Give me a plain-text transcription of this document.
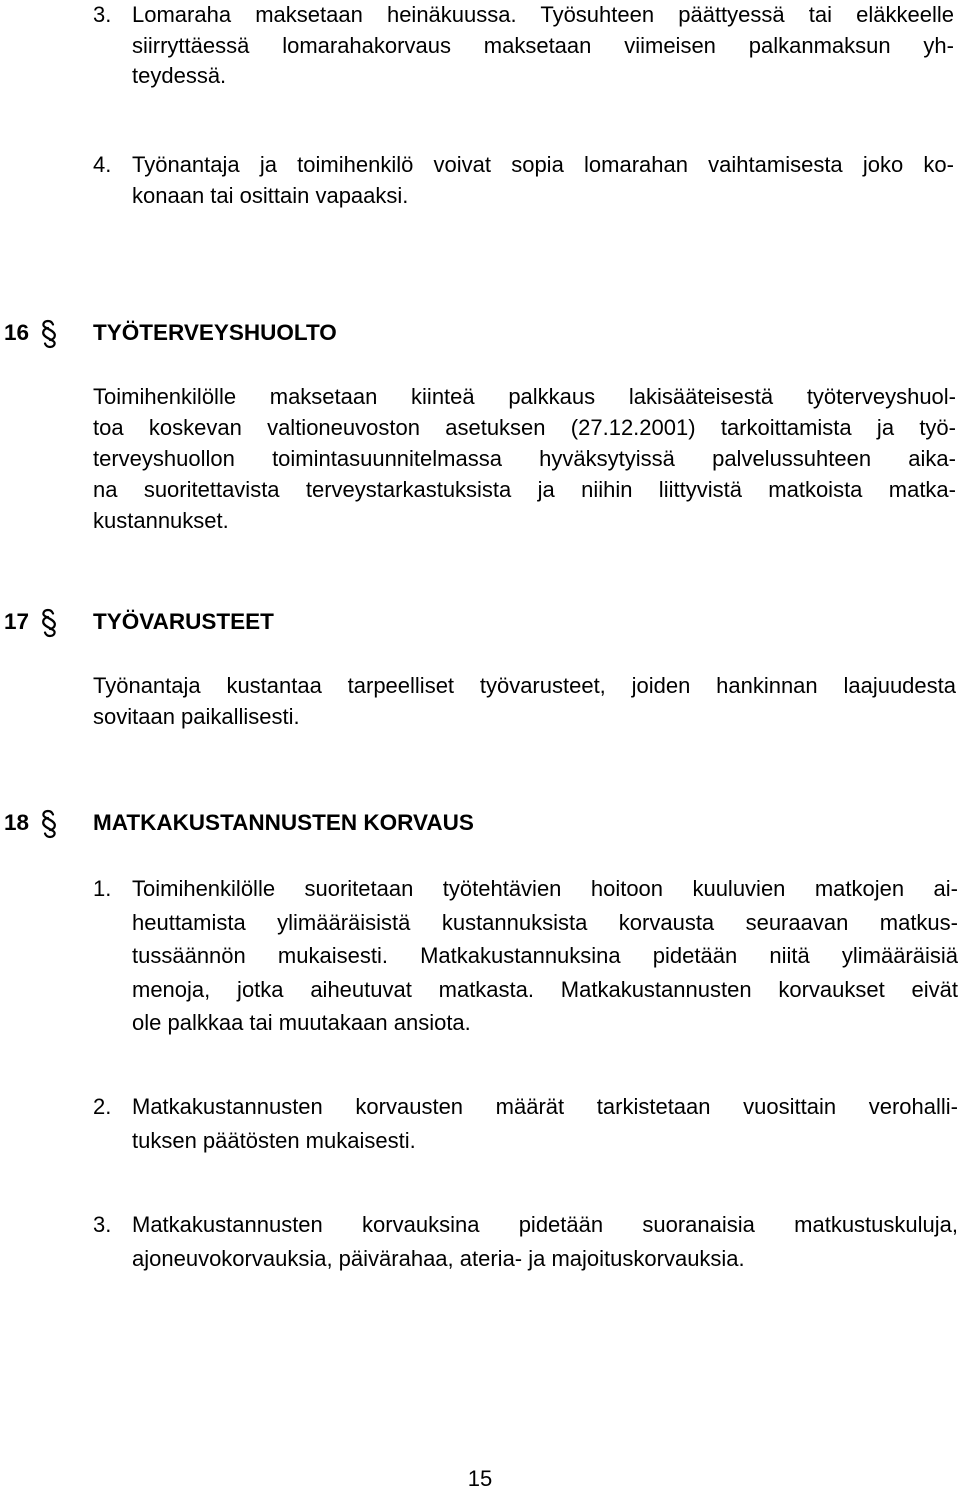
3. Lomaraha maksetaan heinäkuussa. Työsuhteen päättyessä tai eläkkeelle
siirryttäessä lomarahakorvaus maksetaan viimeisen palkanmaksun yh-
teydessä.
4. Työnantaja ja toimihenkilö voivat sopia lomarahan vaihtamisesta joko ko-
konaan tai osittain vapaaksi.
16	TYÖTERVEYSHUOLTO
Toimihenkilölle maksetaan kiinteä palkkaus lakisääteisestä työterveyshuol-
toa koskevan valtioneuvoston asetuksen (27.12.2001) tarkoittamista ja työ-
terveyshuollon toimintasuunnitelmassa hyväksytyissä palvelussuhteen aika-
na suoritettavista terveystarkastuksista ja niihin liittyvistä matkoista matka-
kustannukset.
17	TYÖVARUSTEET
Työnantaja kustantaa tarpeelliset työvarusteet, joiden hankinnan laajuudesta
sovitaan paikallisesti.
18	MATKAKUSTANNUSTEN KORVAUS
1. Toimihenkilölle suoritetaan työtehtävien hoitoon kuuluvien matkojen ai-
heuttamista ylimääräisistä kustannuksista korvausta seuraavan matkus-
tussäännön mukaisesti. Matkakustannuksina pidetään niitä ylimääräisiä
menoja, jotka aiheutuvat matkasta. Matkakustannusten korvaukset eivät
ole palkkaa tai muutakaan ansiota.
2. Matkakustannusten korvausten määrät tarkistetaan vuosittain verohalli-
tuksen päätösten mukaisesti.
3. Matkakustannusten korvauksina pidetään suoranaisia matkustuskuluja,
ajoneuvokorvauksia, päivärahaa, ateria- ja majoituskorvauksia.
15
